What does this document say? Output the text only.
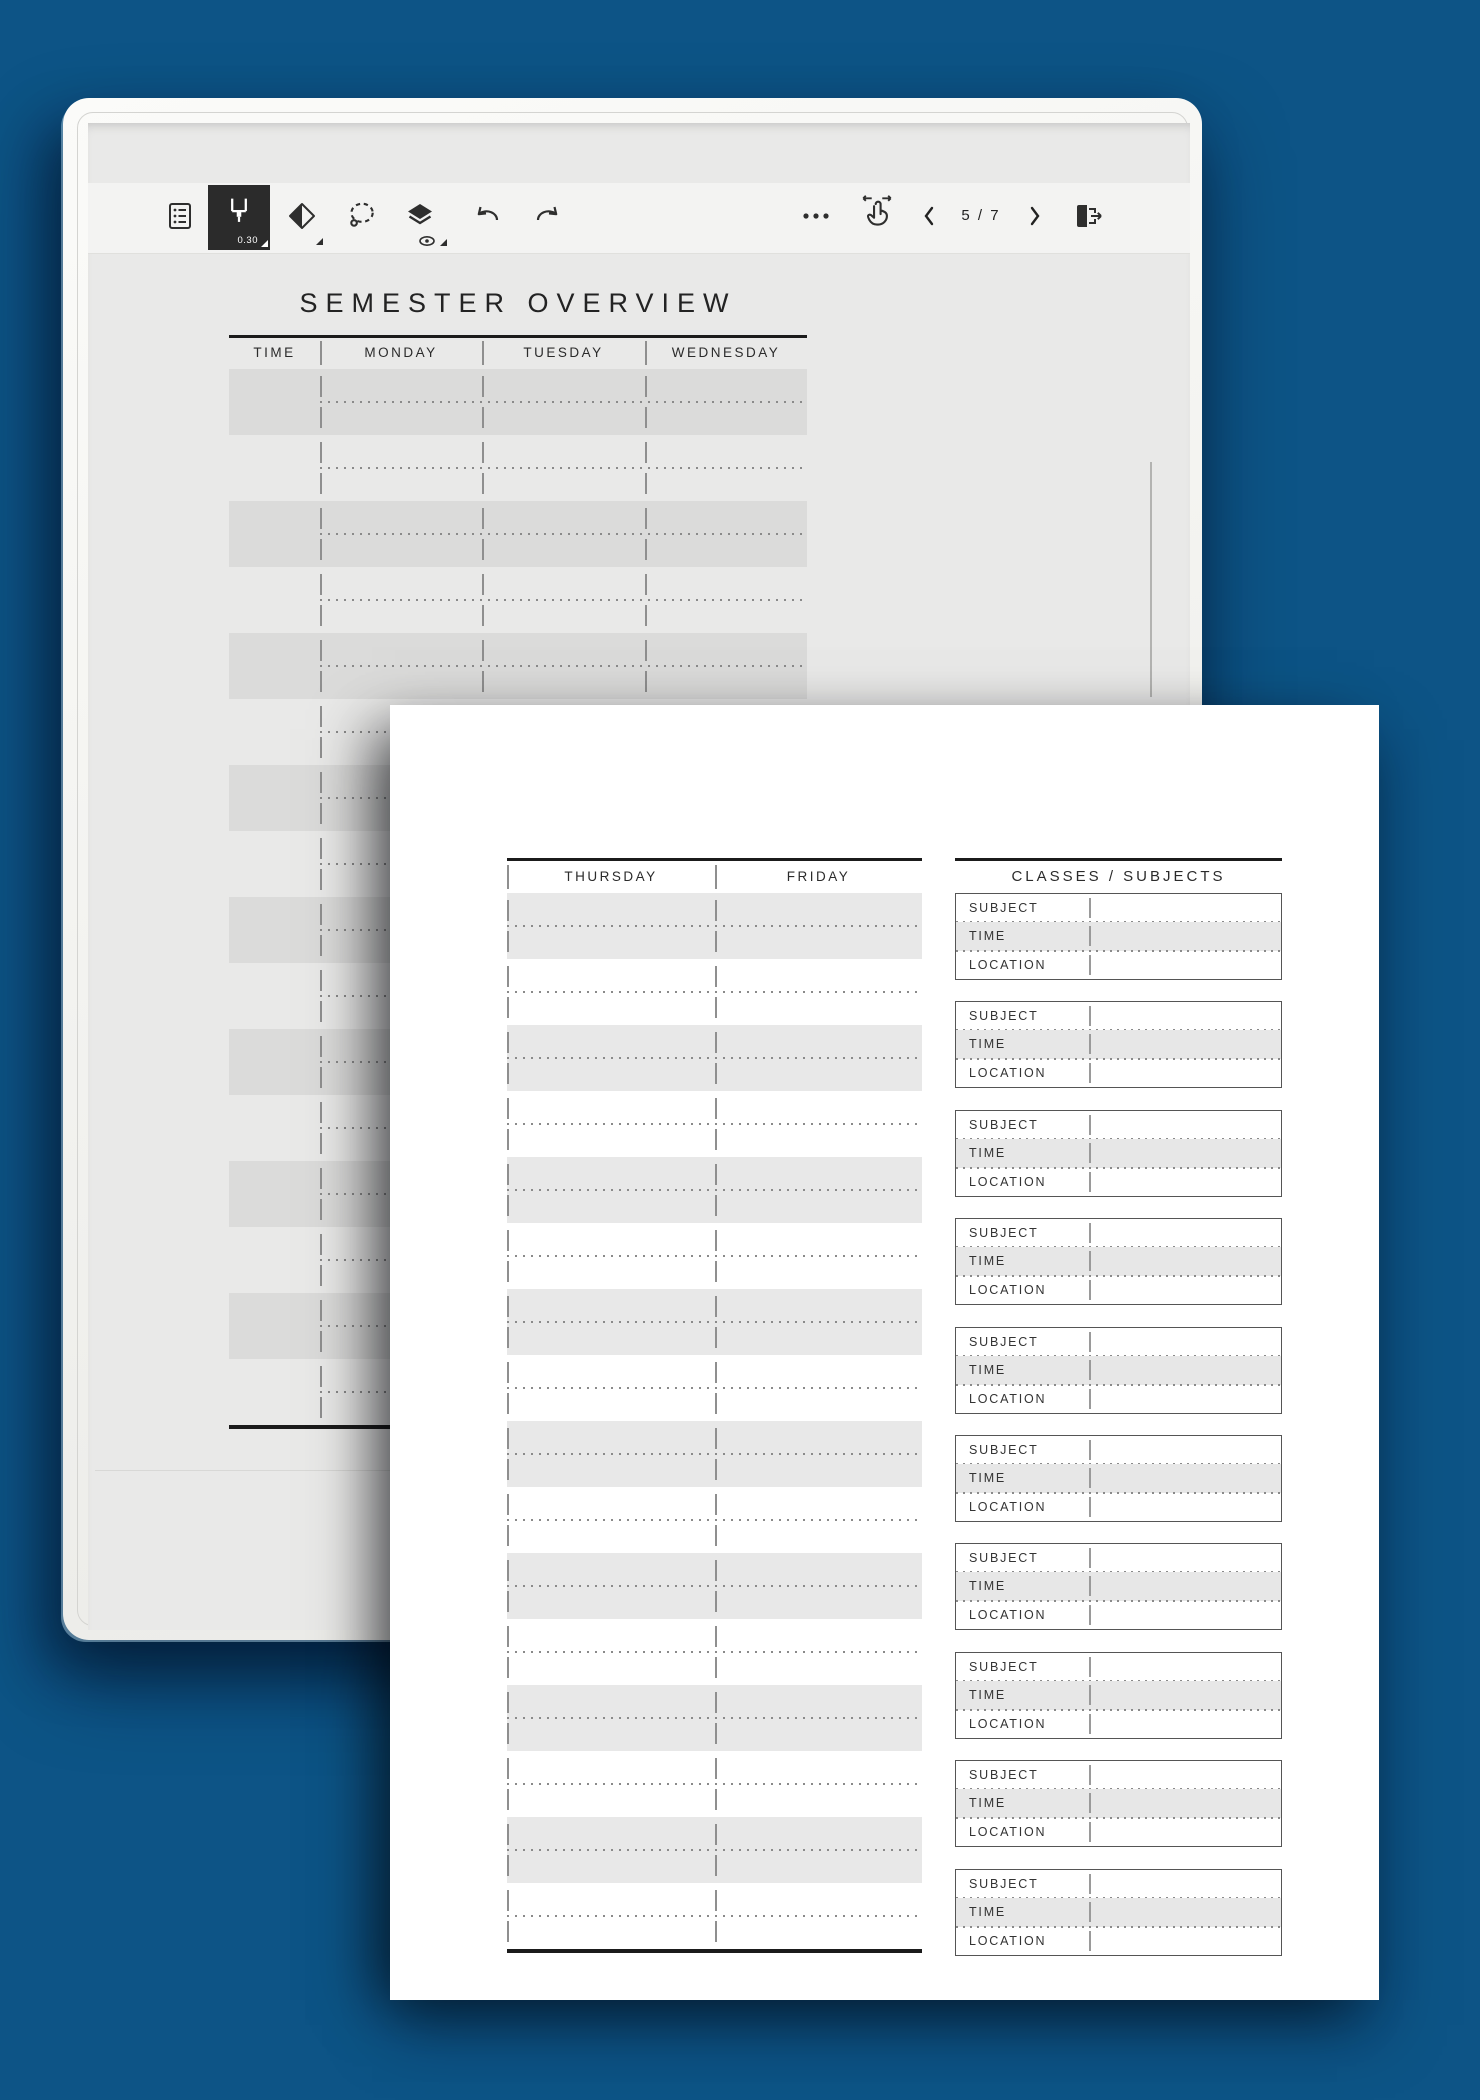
0.30
5 / 7
SEMESTER OVERVIEW
TIME	MONDAY	TUESDAY	WEDNESDAY
THURSDAY	FRIDAY	CLASSES / SUBJECTS
SUBJECT
TIME
LOCATION
SUBJECT
TIME
LOCATION
SUBJECT
TIME
LOCATION
SUBJECT
TIME
LOCATION
SUBJECT
TIME
LOCATION
SUBJECT
TIME
LOCATION
SUBJECT
TIME
LOCATION
SUBJECT
TIME
LOCATION
SUBJECT
TIME
LOCATION
SUBJECT
TIME
LOCATION
